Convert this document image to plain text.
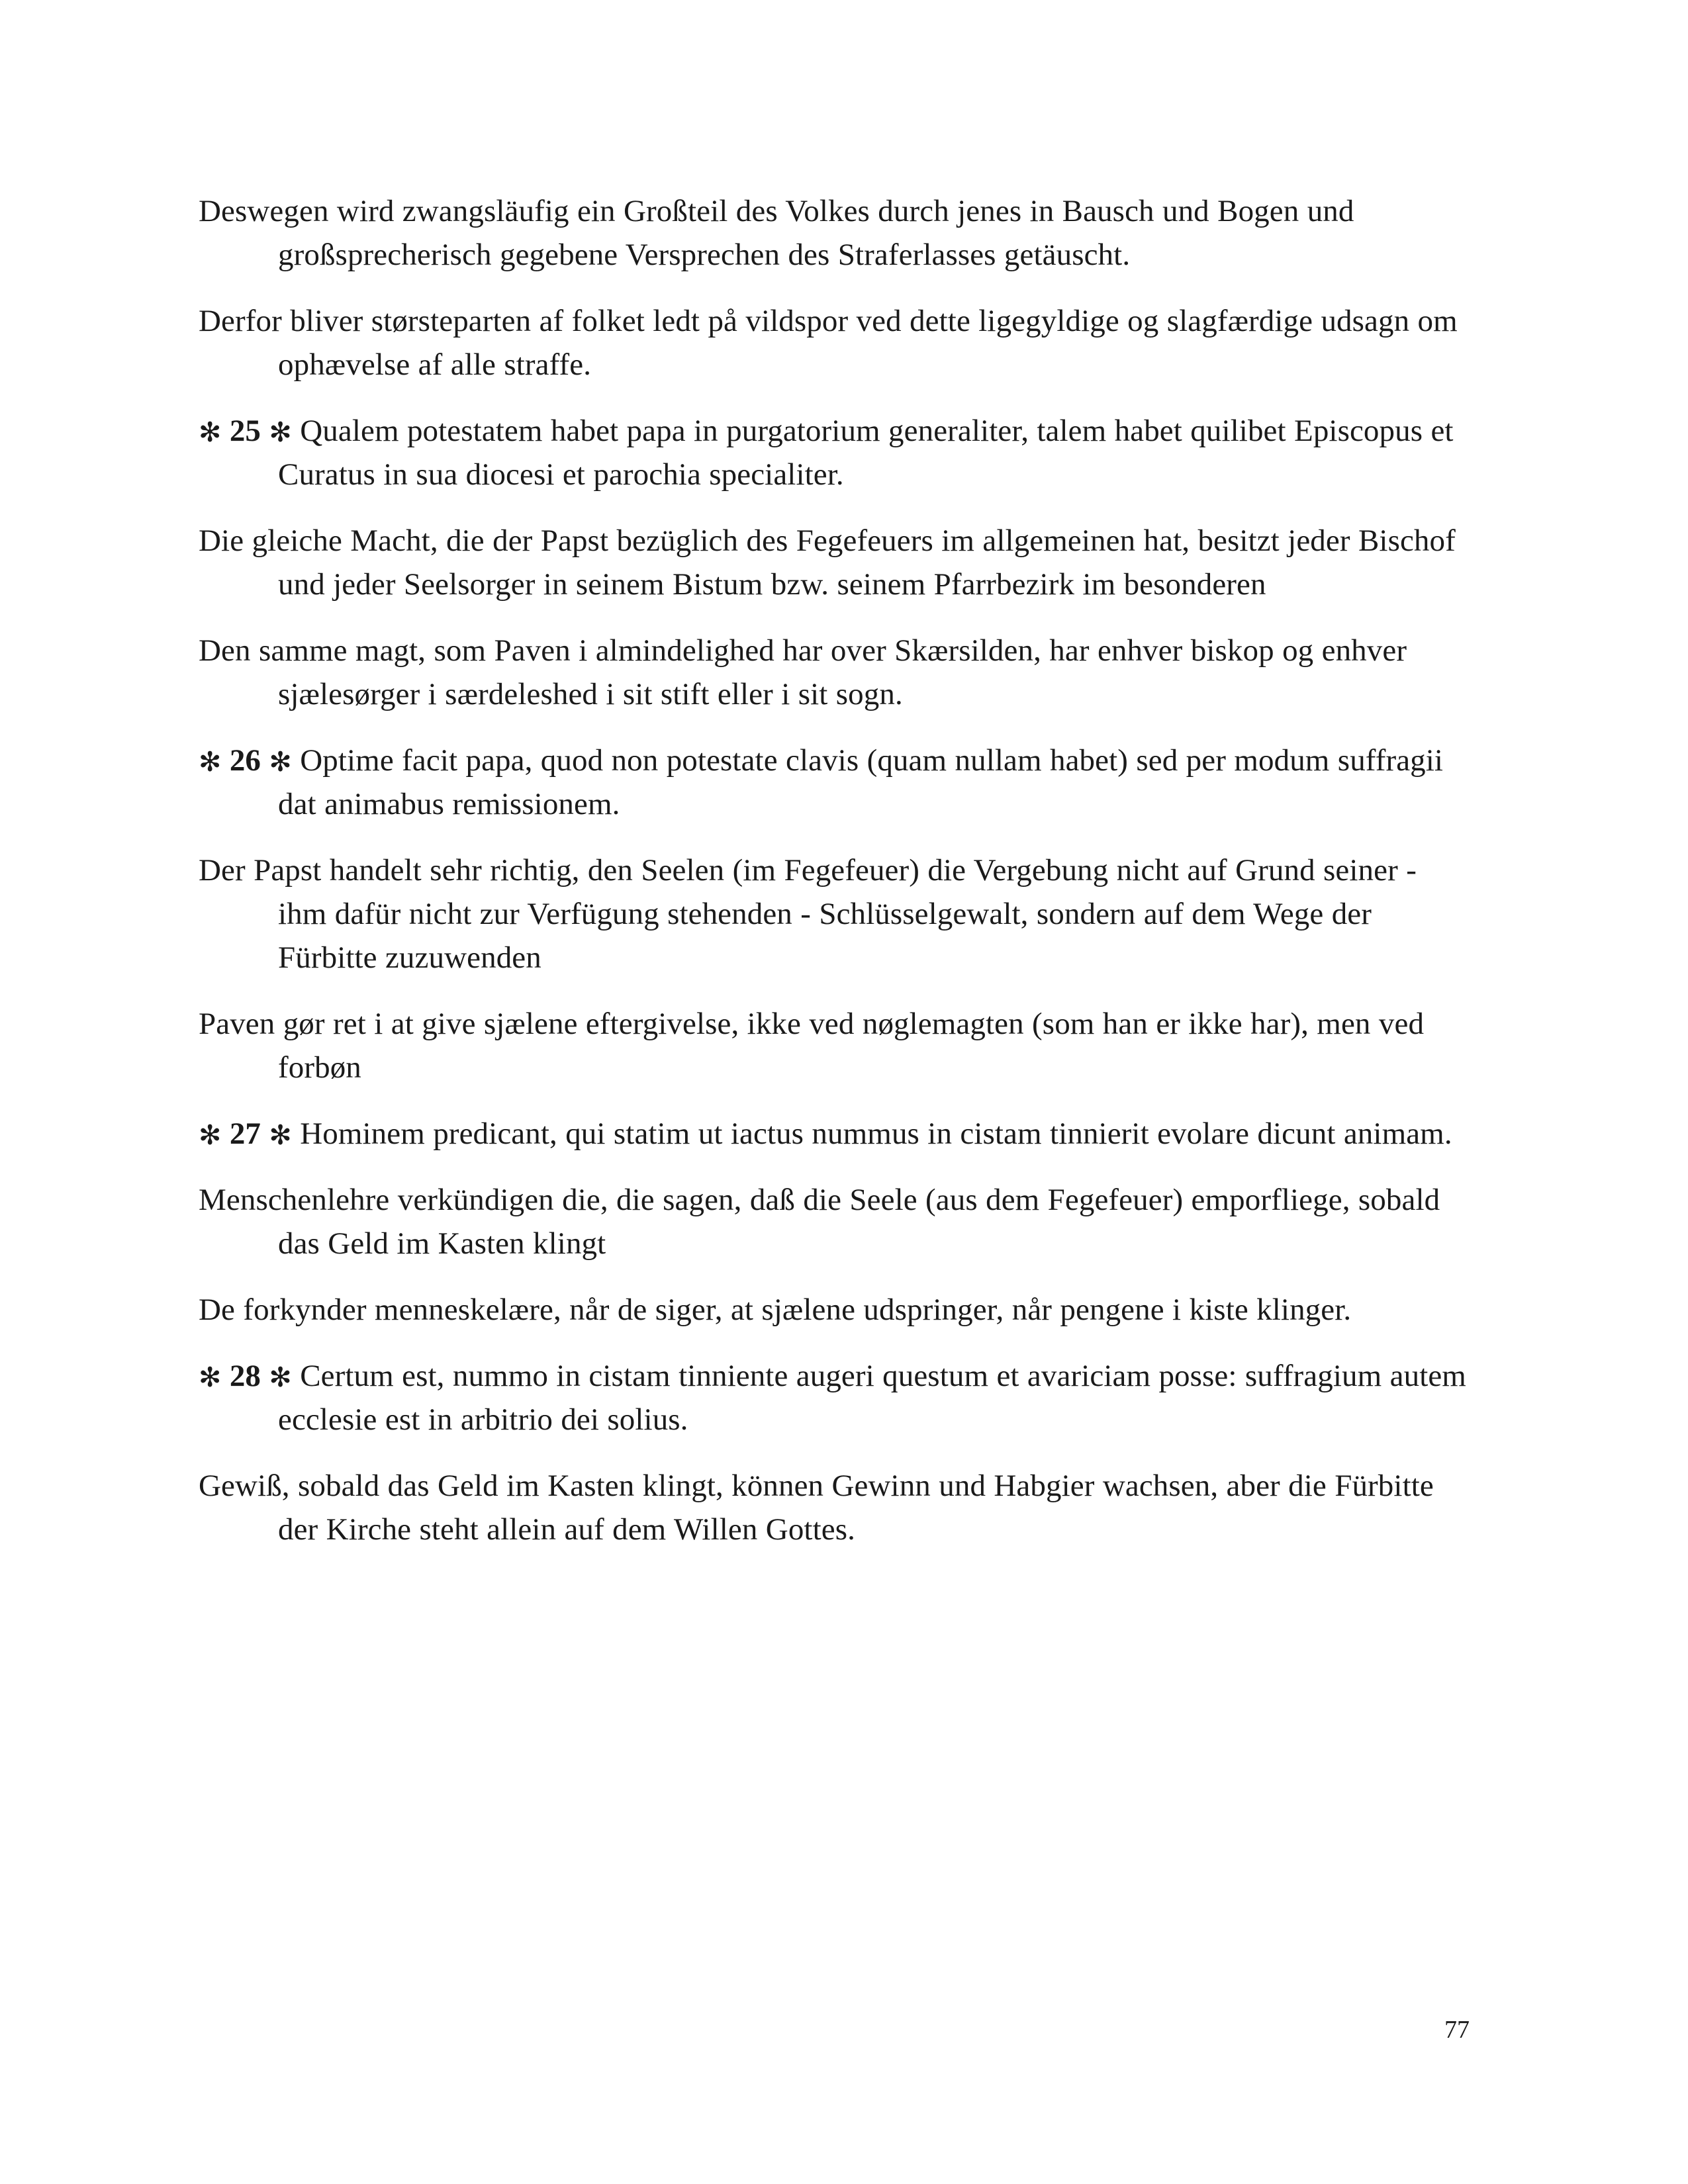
Deswegen wird zwangsläufig ein Großteil des Volkes durch jenes in Bausch und Bogen und großsprecherisch gegebene Versprechen des Straferlasses getäuscht.

Derfor bliver størsteparten af folket ledt på vildspor ved dette ligegyldige og slagfærdige udsagn om ophævelse af alle straffe.

✻ 25 ✻ Qualem potestatem habet papa in purgatorium generaliter, talem habet quilibet Episcopus et Curatus in sua diocesi et parochia specialiter.

Die gleiche Macht, die der Papst bezüglich des Fegefeuers im allgemeinen hat, besitzt jeder Bischof und jeder Seelsorger in seinem Bistum bzw. seinem Pfarrbezirk im besonderen

Den samme magt, som Paven i almindelighed har over Skærsilden, har enhver biskop og enhver sjælesørger i særdeleshed i sit stift eller i sit sogn.

✻ 26 ✻ Optime facit papa, quod non potestate clavis (quam nullam habet) sed per modum suffragii dat animabus remissionem.

Der Papst handelt sehr richtig, den Seelen (im Fegefeuer) die Vergebung nicht auf Grund seiner - ihm dafür nicht zur Verfügung stehenden - Schlüsselgewalt, sondern auf dem Wege der Fürbitte zuzuwenden

Paven gør ret i at give sjælene eftergivelse, ikke ved nøglemagten (som han er ikke har), men ved forbøn

✻ 27 ✻ Hominem predicant, qui statim ut iactus nummus in cistam tinnierit evolare dicunt animam.

Menschenlehre verkündigen die, die sagen, daß die Seele (aus dem Fegefeuer) emporfliege, sobald das Geld im Kasten klingt

De forkynder menneskelære, når de siger, at sjælene udspringer, når pengene i kiste klinger.

✻ 28 ✻ Certum est, nummo in cistam tinniente augeri questum et avariciam posse: suffragium autem ecclesie est in arbitrio dei solius.

Gewiß, sobald das Geld im Kasten klingt, können Gewinn und Habgier wachsen, aber die Fürbitte der Kirche steht allein auf dem Willen Gottes.

77
